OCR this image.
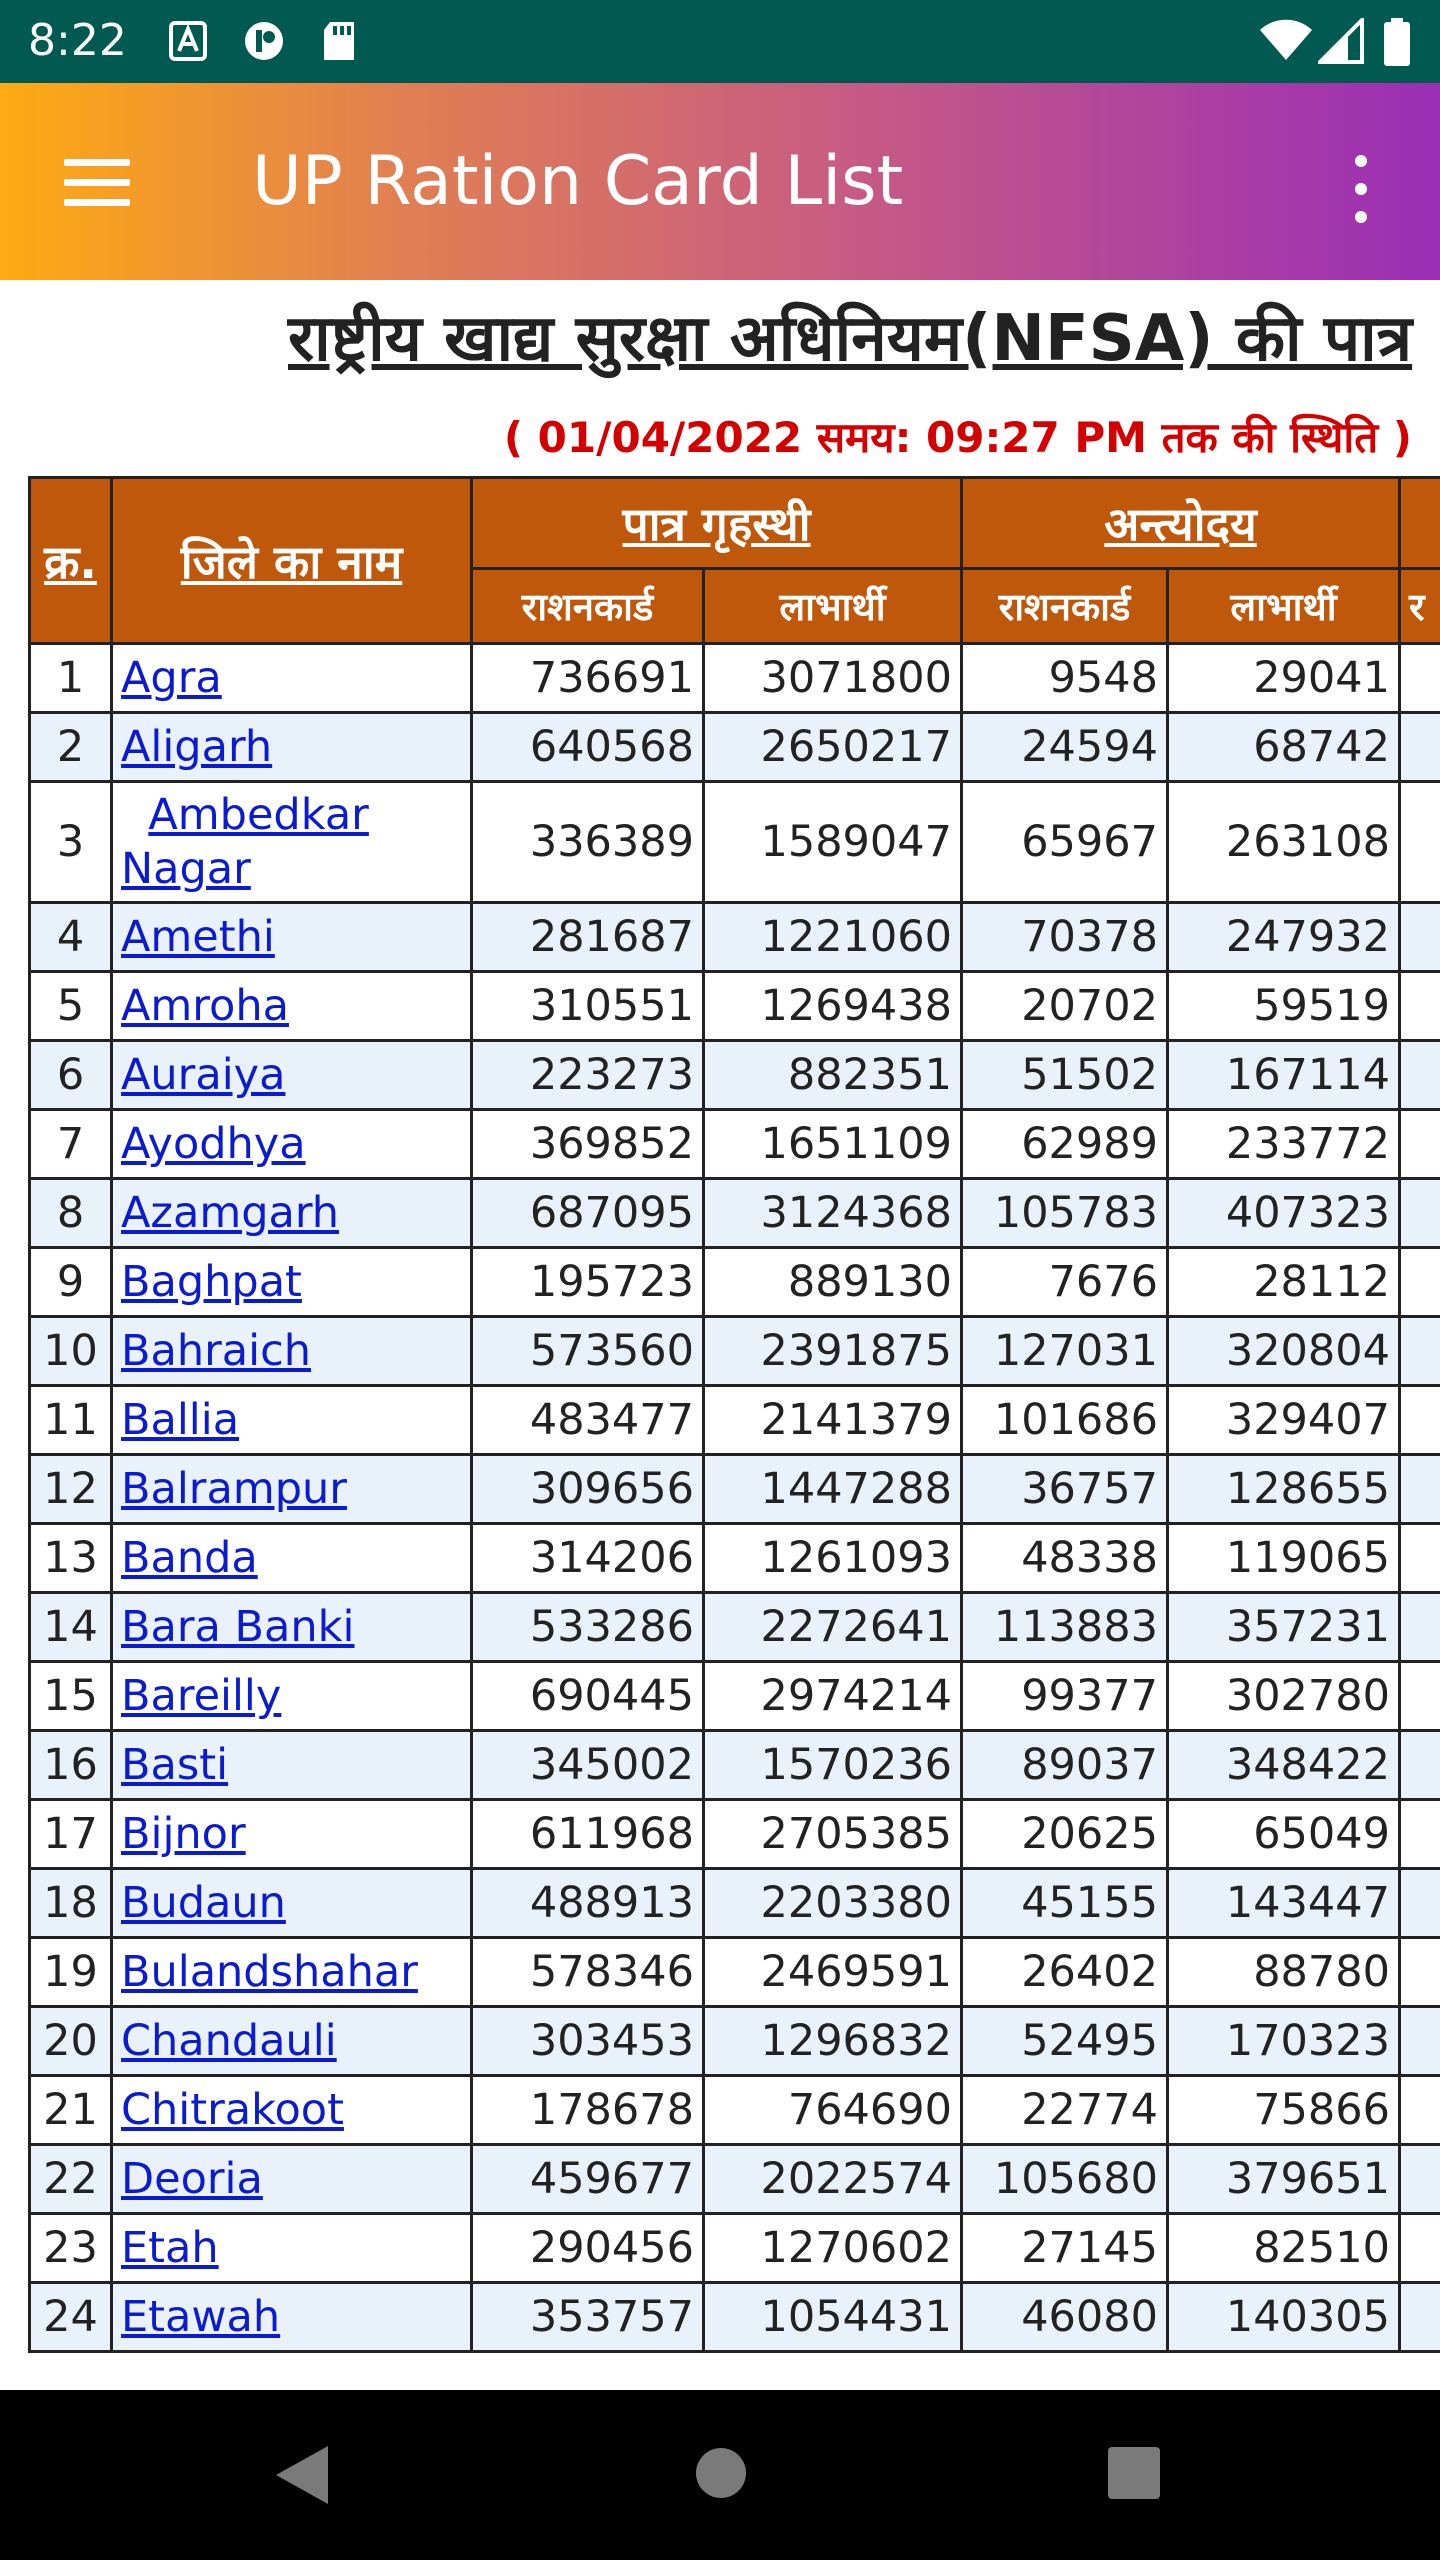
8:22
UP Ration Card List
राष्ट्रीय खाद्य सुरक्षा अधिनियम(NFSA) की पात्र
( 01/04/2022 समय: 09:27 PM तक की स्थिति )
क्र.	जिले का नाम	पात्र गृहस्थी		अन्त्योदय		
		राशनकार्ड	लाभार्थी	राशनकार्ड	लाभार्थी	र
1	Agra	736691	3071800	9548	29041	
2	Aligarh	640568	2650217	24594	68742	
3	Ambedkar Nagar	336389	1589047	65967	263108	
4	Amethi	281687	1221060	70378	247932	
5	Amroha	310551	1269438	20702	59519	
6	Auraiya	223273	882351	51502	167114	
7	Ayodhya	369852	1651109	62989	233772	
8	Azamgarh	687095	3124368	105783	407323	
9	Baghpat	195723	889130	7676	28112	
10	Bahraich	573560	2391875	127031	320804	
11	Ballia	483477	2141379	101686	329407	
12	Balrampur	309656	1447288	36757	128655	
13	Banda	314206	1261093	48338	119065	
14	Bara Banki	533286	2272641	113883	357231	
15	Bareilly	690445	2974214	99377	302780	
16	Basti	345002	1570236	89037	348422	
17	Bijnor	611968	2705385	20625	65049	
18	Budaun	488913	2203380	45155	143447	
19	Bulandshahar	578346	2469591	26402	88780	
20	Chandauli	303453	1296832	52495	170323	
21	Chitrakoot	178678	764690	22774	75866	
22	Deoria	459677	2022574	105680	379651	
23	Etah	290456	1270602	27145	82510	
24	Etawah	353757	1054431	46080	140305	
